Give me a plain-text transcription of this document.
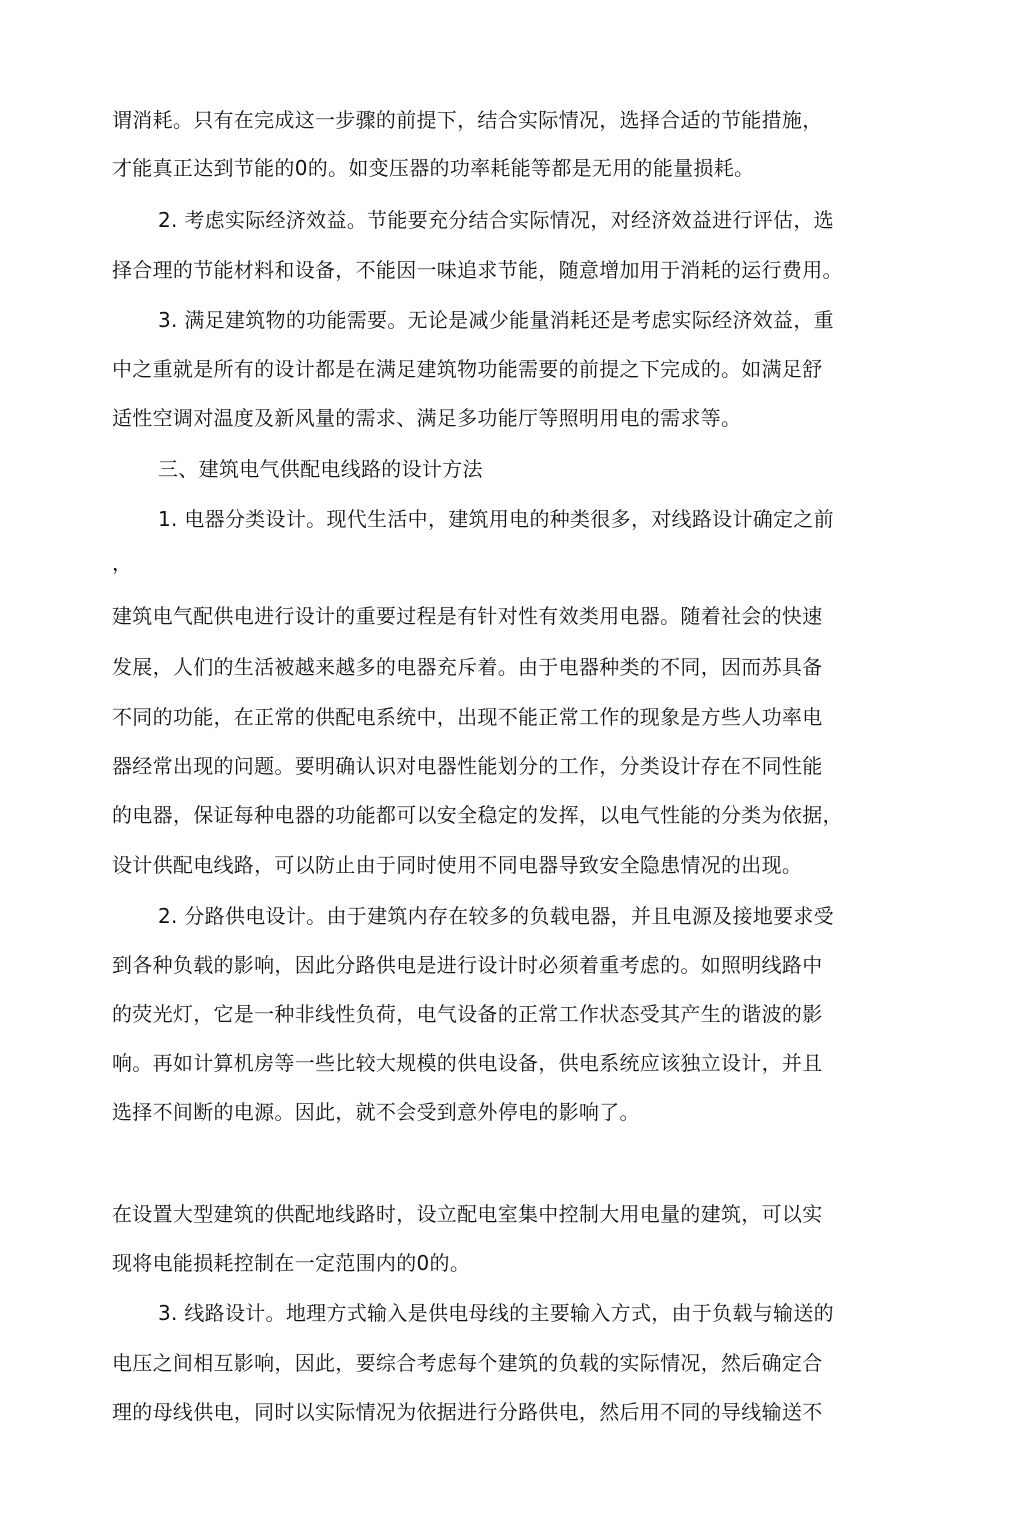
谓消耗。只有在完成这一步骤的前提下，结合实际情况，选择合适的节能措施，
才能真正达到节能的0的。如变压器的功率耗能等都是无用的能量损耗。
2. 考虑实际经济效益。节能要充分结合实际情况，对经济效益进行评估，选
择合理的节能材料和设备，不能因一味追求节能，随意增加用于消耗的运行费用。
3. 满足建筑物的功能需要。无论是减少能量消耗还是考虑实际经济效益，重
中之重就是所有的设计都是在满足建筑物功能需要的前提之下完成的。如满足舒
适性空调对温度及新风量的需求、满足多功能厅等照明用电的需求等。
三、建筑电气供配电线路的设计方法
1. 电器分类设计。现代生活中，建筑用电的种类很多，对线路设计确定之前
，
建筑电气配供电进行设计的重要过程是有针对性有效类用电器。随着社会的快速
发展，人们的生活被越来越多的电器充斥着。由于电器种类的不同，因而苏具备
不同的功能，在正常的供配电系统中，出现不能正常工作的现象是方些人功率电
器经常出现的问题。要明确认识对电器性能划分的工作，分类设计存在不同性能
的电器，保证每种电器的功能都可以安全稳定的发挥，以电气性能的分类为依据，
设计供配电线路，可以防止由于同时使用不同电器导致安全隐患情况的出现。
2. 分路供电设计。由于建筑内存在较多的负载电器，并且电源及接地要求受
到各种负载的影响，因此分路供电是进行设计时必须着重考虑的。如照明线路中
的荧光灯，它是一种非线性负荷，电气设备的正常工作状态受其产生的谐波的影
响。再如计算机房等一些比较大规模的供电设备，供电系统应该独立设计，并且
选择不间断的电源。因此，就不会受到意外停电的影响了。
在设置大型建筑的供配地线路时，设立配电室集中控制大用电量的建筑，可以实
现将电能损耗控制在一定范围内的0的。
3. 线路设计。地理方式输入是供电母线的主要输入方式，由于负载与输送的
电压之间相互影响，因此，要综合考虑每个建筑的负载的实际情况，然后确定合
理的母线供电，同时以实际情况为依据进行分路供电，然后用不同的导线输送不
